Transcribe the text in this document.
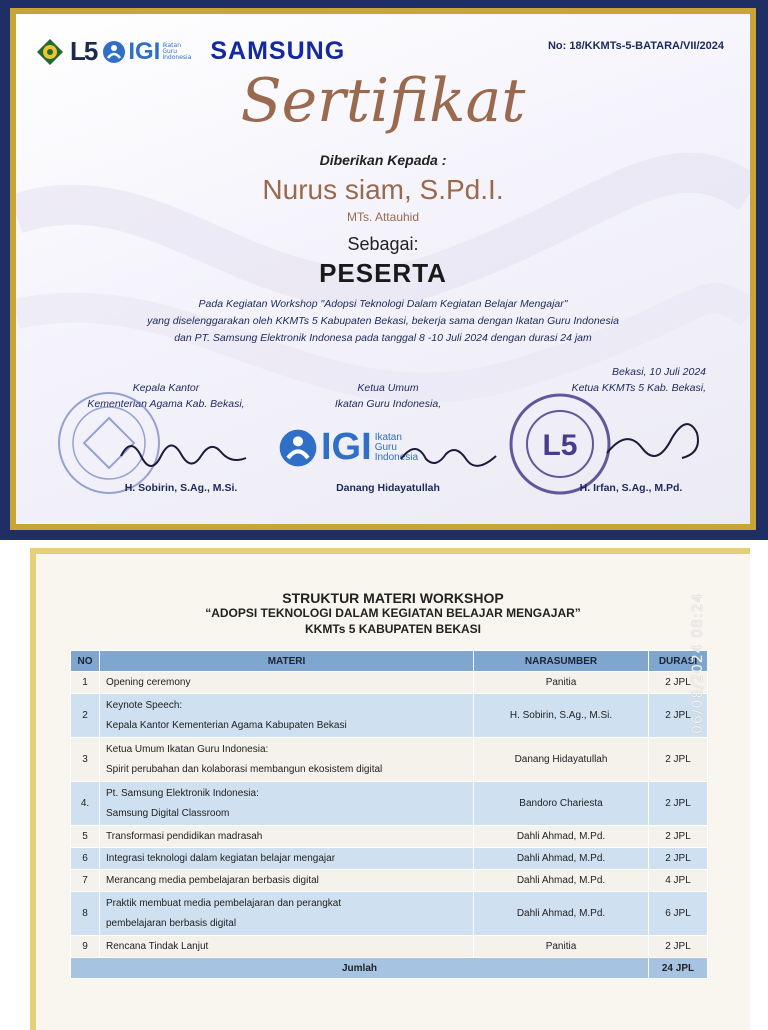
L5 IGI Ikatan Guru Indonesia SAMSUNG	No: 18/KKMTs-5-BATARA/VII/2024
Sertifikat
Diberikan Kepada :
Nurus siam, S.Pd.I.
MTs. Attauhid
Sebagai:
PESERTA
Pada Kegiatan Workshop "Adopsi Teknologi Dalam Kegiatan Belajar Mengajar"
yang diselenggarakan oleh KKMTs 5 Kabupaten Bekasi, bekerja sama dengan Ikatan Guru Indonesia
dan PT. Samsung Elektronik Indonesa pada tanggal 8 -10 Juli 2024 dengan durasi 24 jam
Kepala Kantor
Kementerian Agama Kab. Bekasi,
H. Sobirin, S.Ag., M.Si.
Ketua Umum
Ikatan Guru Indonesia,
IGI Ikatan Guru Indonesia
Danang Hidayatullah
Bekasi, 10 Juli 2024
Ketua KKMTs 5 Kab. Bekasi,
L5
H. Irfan, S.Ag., M.Pd.
STRUKTUR MATERI WORKSHOP
“ADOPSI TEKNOLOGI DALAM KEGIATAN BELAJAR MENGAJAR”
KKMTs 5 KABUPATEN BEKASI
NO	MATERI	NARASUMBER	DURASI
1	Opening ceremony	Panitia	2 JPL
2	Keynote Speech:
Kepala Kantor Kementerian Agama Kabupaten Bekasi	H. Sobirin, S.Ag., M.Si.	2 JPL
3	Ketua Umum Ikatan Guru Indonesia:
Spirit perubahan dan kolaborasi membangun ekosistem digital	Danang Hidayatullah	2 JPL
4.	Pt. Samsung Elektronik Indonesia:
Samsung Digital Classroom	Bandoro Chariesta	2 JPL
5	Transformasi pendidikan madrasah	Dahli Ahmad, M.Pd.	2 JPL
6	Integrasi teknologi dalam kegiatan belajar mengajar	Dahli Ahmad, M.Pd.	2 JPL
7	Merancang media pembelajaran berbasis digital	Dahli Ahmad, M.Pd.	4 JPL
8	Praktik membuat media pembelajaran dan perangkat
pembelajaran berbasis digital	Dahli Ahmad, M.Pd.	6 JPL
9	Rencana Tindak Lanjut	Panitia	2 JPL
Jumlah			24 JPL
06/08/2024 08:24
